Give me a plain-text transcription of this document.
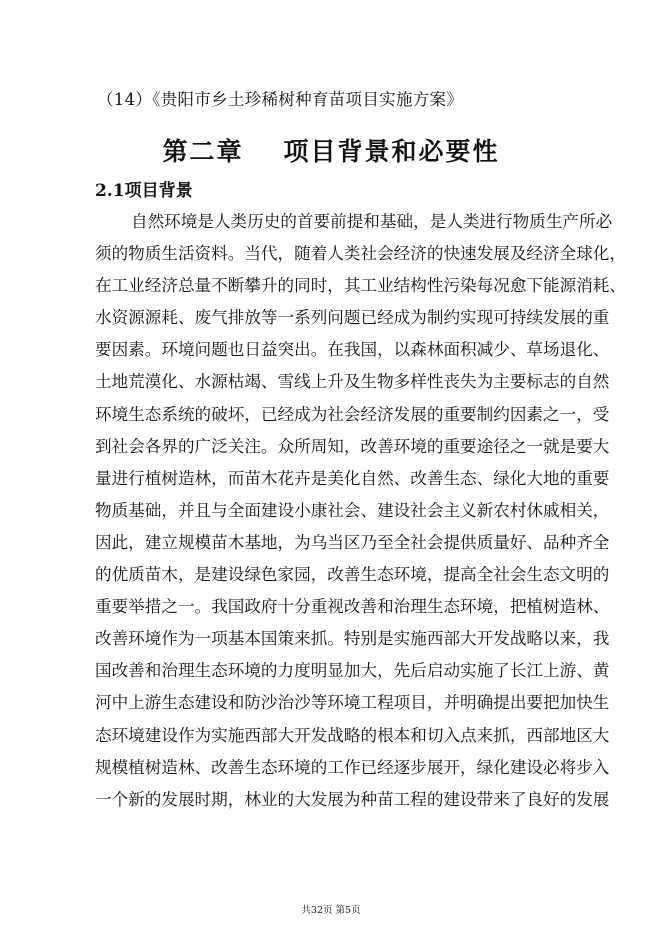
（14）《贵阳市乡土珍稀树种育苗项目实施方案》
第二章 项目背景和必要性
2.1项目背景
自然环境是人类历史的首要前提和基础，是人类进行物质生产所必
须的物质生活资料。当代，随着人类社会经济的快速发展及经济全球化，
在工业经济总量不断攀升的同时，其工业结构性污染每况愈下能源消耗、
水资源源耗、废气排放等一系列问题已经成为制约实现可持续发展的重
要因素。环境问题也日益突出。在我国，以森林面积减少、草场退化、
土地荒漠化、水源枯竭、雪线上升及生物多样性丧失为主要标志的自然
环境生态系统的破坏，已经成为社会经济发展的重要制约因素之一，受
到社会各界的广泛关注。众所周知，改善环境的重要途径之一就是要大
量进行植树造林，而苗木花卉是美化自然、改善生态、绿化大地的重要
物质基础，并且与全面建设小康社会、建设社会主义新农村休戚相关，
因此，建立规模苗木基地，为乌当区乃至全社会提供质量好、品种齐全
的优质苗木，是建设绿色家园，改善生态环境，提高全社会生态文明的
重要举措之一。我国政府十分重视改善和治理生态环境，把植树造林、
改善环境作为一项基本国策来抓。特别是实施西部大开发战略以来，我
国改善和治理生态环境的力度明显加大，先后启动实施了长江上游、黄
河中上游生态建设和防沙治沙等环境工程项目，并明确提出要把加快生
态环境建设作为实施西部大开发战略的根本和切入点来抓，西部地区大
规模植树造林、改善生态环境的工作已经逐步展开，绿化建设必将步入
一个新的发展时期，林业的大发展为种苗工程的建设带来了良好的发展
共32页 第5页
